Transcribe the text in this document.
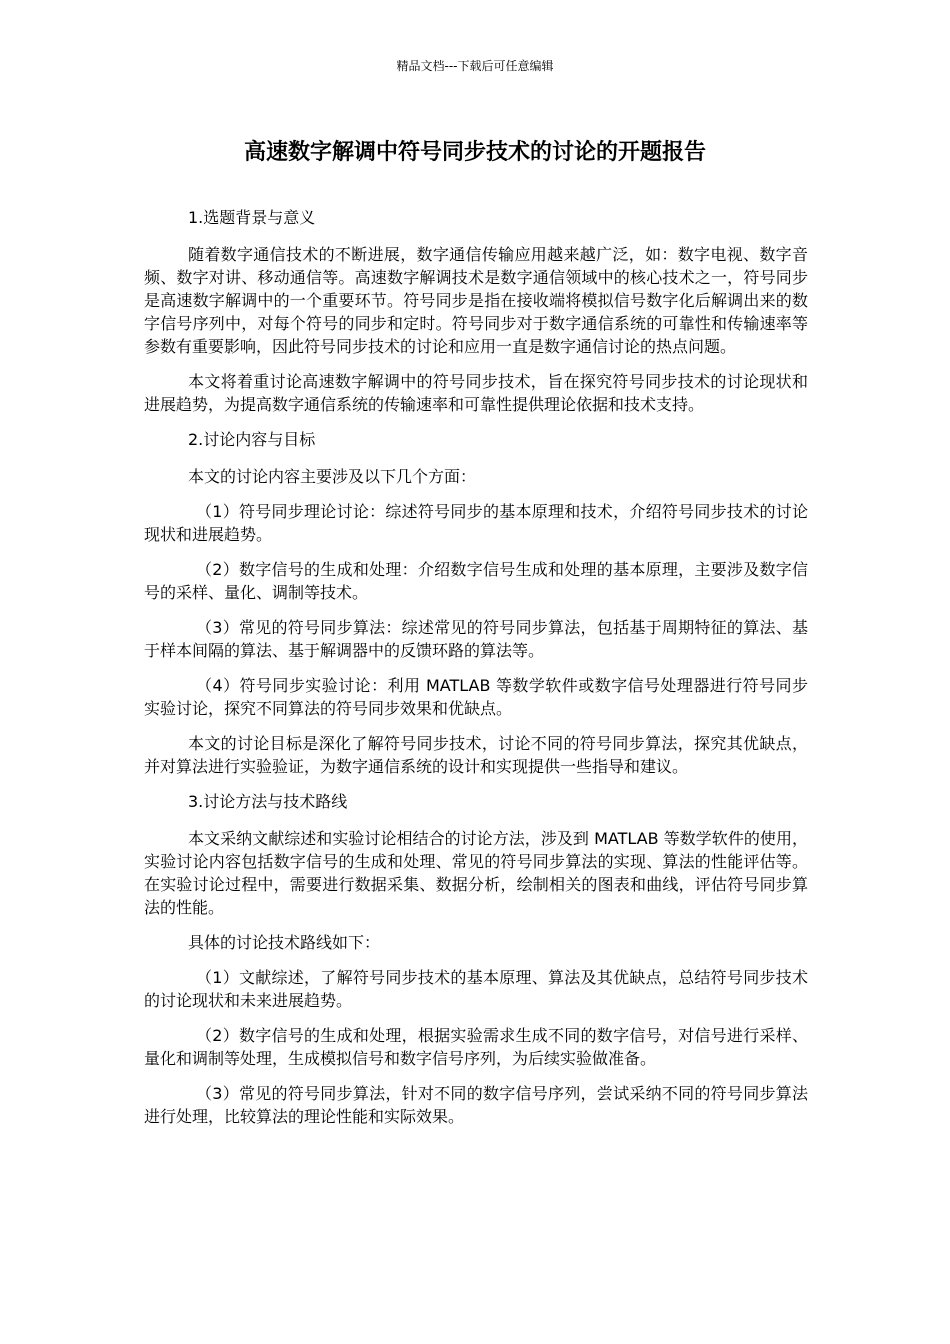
精品文档---下载后可任意编辑
高速数字解调中符号同步技术的讨论的开题报告

1.选题背景与意义

随着数字通信技术的不断进展，数字通信传输应用越来越广泛，如：数字电视、数字音频、数字对讲、移动通信等。高速数字解调技术是数字通信领域中的核心技术之一，符号同步是高速数字解调中的一个重要环节。符号同步是指在接收端将模拟信号数字化后解调出来的数字信号序列中，对每个符号的同步和定时。符号同步对于数字通信系统的可靠性和传输速率等参数有重要影响，因此符号同步技术的讨论和应用一直是数字通信讨论的热点问题。

本文将着重讨论高速数字解调中的符号同步技术，旨在探究符号同步技术的讨论现状和进展趋势，为提高数字通信系统的传输速率和可靠性提供理论依据和技术支持。

2.讨论内容与目标

本文的讨论内容主要涉及以下几个方面：

（1）符号同步理论讨论：综述符号同步的基本原理和技术，介绍符号同步技术的讨论现状和进展趋势。

（2）数字信号的生成和处理：介绍数字信号生成和处理的基本原理，主要涉及数字信号的采样、量化、调制等技术。

（3）常见的符号同步算法：综述常见的符号同步算法，包括基于周期特征的算法、基于样本间隔的算法、基于解调器中的反馈环路的算法等。

（4）符号同步实验讨论：利用 MATLAB 等数学软件或数字信号处理器进行符号同步实验讨论，探究不同算法的符号同步效果和优缺点。

本文的讨论目标是深化了解符号同步技术，讨论不同的符号同步算法，探究其优缺点，并对算法进行实验验证，为数字通信系统的设计和实现提供一些指导和建议。

3.讨论方法与技术路线

本文采纳文献综述和实验讨论相结合的讨论方法，涉及到 MATLAB 等数学软件的使用，实验讨论内容包括数字信号的生成和处理、常见的符号同步算法的实现、算法的性能评估等。在实验讨论过程中，需要进行数据采集、数据分析，绘制相关的图表和曲线，评估符号同步算法的性能。

具体的讨论技术路线如下：

（1）文献综述，了解符号同步技术的基本原理、算法及其优缺点，总结符号同步技术的讨论现状和未来进展趋势。

（2）数字信号的生成和处理，根据实验需求生成不同的数字信号，对信号进行采样、量化和调制等处理，生成模拟信号和数字信号序列，为后续实验做准备。

（3）常见的符号同步算法，针对不同的数字信号序列，尝试采纳不同的符号同步算法进行处理，比较算法的理论性能和实际效果。
